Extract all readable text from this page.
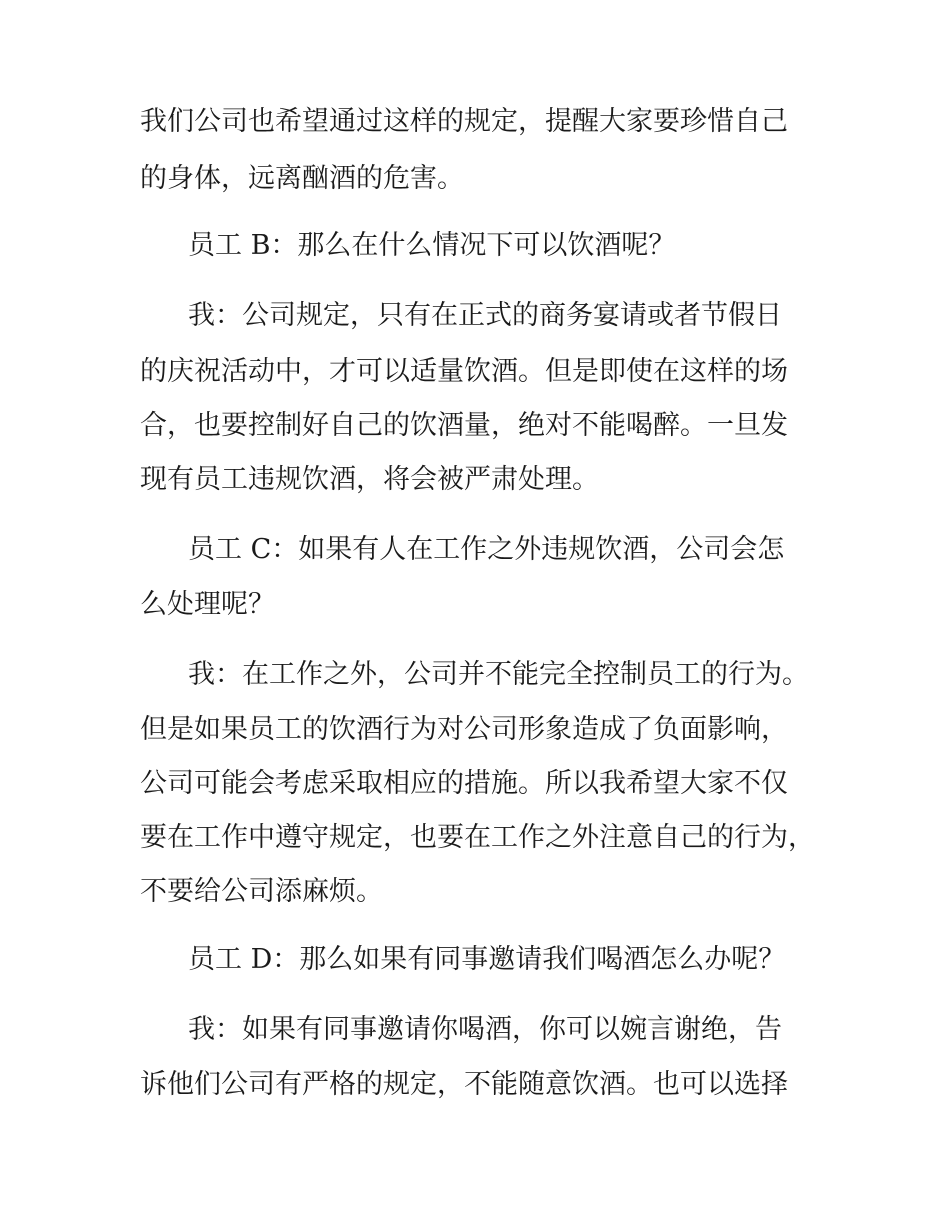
我们公司也希望通过这样的规定，提醒大家要珍惜自己
的身体，远离酗酒的危害。
员工 B：那么在什么情况下可以饮酒呢？
我：公司规定，只有在正式的商务宴请或者节假日
的庆祝活动中，才可以适量饮酒。但是即使在这样的场
合，也要控制好自己的饮酒量，绝对不能喝醉。一旦发
现有员工违规饮酒，将会被严肃处理。
员工 C：如果有人在工作之外违规饮酒，公司会怎
么处理呢？
我：在工作之外，公司并不能完全控制员工的行为。
但是如果员工的饮酒行为对公司形象造成了负面影响，
公司可能会考虑采取相应的措施。所以我希望大家不仅
要在工作中遵守规定，也要在工作之外注意自己的行为，
不要给公司添麻烦。
员工 D：那么如果有同事邀请我们喝酒怎么办呢？
我：如果有同事邀请你喝酒，你可以婉言谢绝，告
诉他们公司有严格的规定，不能随意饮酒。也可以选择
